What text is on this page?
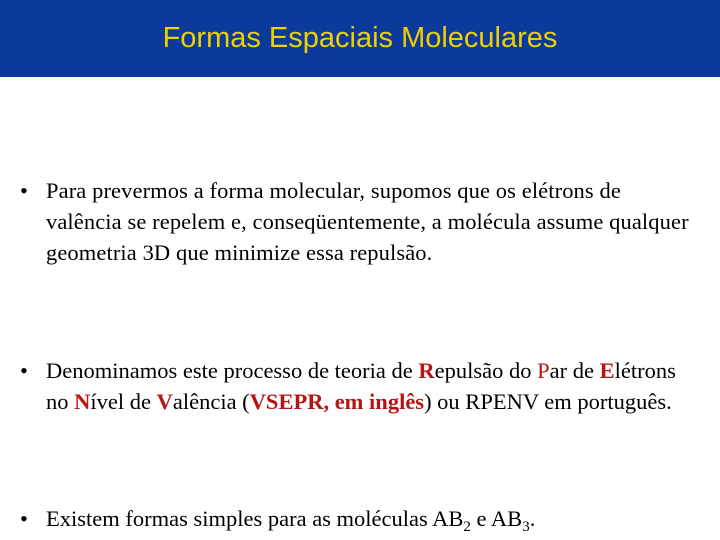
Formas Espaciais Moleculares
• Para prevermos a forma molecular, supomos que os elétrons de valência se repelem e, conseqüentemente, a molécula assume qualquer geometria 3D que minimize essa repulsão.
• Denominamos este processo de teoria de Repulsão do Par de Elétrons no Nível de Valência (VSEPR, em inglês) ou RPENV em português.
• Existem formas simples para as moléculas $AB_2$ e $AB_3$.
